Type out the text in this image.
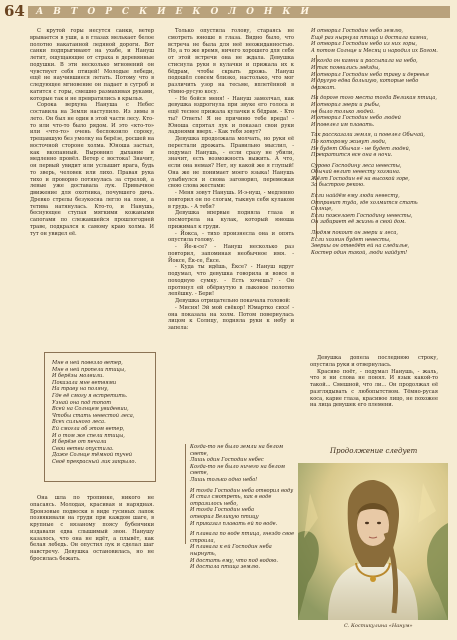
64 А В Т О Р С К И Е К О Л О Н К И

С крутой горы несутся санки, ветер врывается в уши, а в глазах мелькает белое полотно накатанной ледяной дороги. Вот санки подпрыгивают на ухабе, и Нануш летит, ощущающие от страха в деревянные подушки. В эти несколько мгновений он чувствует себя птицей! Молодые лебеди, ещё не научившиеся летать. Потому что в следующее мгновение он падает в сугроб и катится с горы, смешно размахивая руками, которые так и не превратились в крылья.

Сорока верхуна Нануша с Небес составила на Земли наступило. Из зимы в лето. Он был не один в этой части лесу. Кто-то или что-то было рядом. И это «кто-то» или «что-то» очень беспокоило сороку, трещавшую без умолку на берёзе, росшей на восточной стороне холма. Юноша застыл, как вкопанный. Выровнил дыхание и медленно провёл. Ветер с востока! Значит, он первый увидит или услышит врага, будь то зверь, человек или лихо. Правая рука тихо и проворно потянулась за стрелой, а левые уже доставала лук. Привычное движение для охотника, почувшего дичь. Древко стрелы безукосна легло на лоне, а тетива натянулась. Кто-то, и Нанушь, беснующее ступая мягкими кожаными сапогами по слежавшейся прошлогодней траве, подкрался к самому краю холма. И тут он увидел её.

Мне в ней повезло ветер,

Мне в ней пропели птицы,

И берёзы молвили.

Показала мне ветвями

На траву на поляну,

Где её смогу я встретить.

Узнай она под топот

Всей на Солнцем увидевши,

Чтобы стать невестой леса,

Всех сильного леса.

Ей смогла об этом ветер,

И о том же спели птицы,

И берёзе от печали

Свои ветви опустила.

Даже Солнце тёмной тучей

Своё прекрасный лик закрыло.

Она шла по тропинке, никого не опасаясь. Молодая, красивая и нарядная. Бронзовые подвески в виде гусиных лапок позвякивали на груди при каждом шаге, в крупные с вязаному поясу бубенчики издавали едва слышимый звон. Нанушу казалось, что она не идёт, а плывёт, как белая лебедь. Он опустил лук и сделал шаг навстречу. Девушка остановилась, но не бросилась бежать.

Только опустила голову, стараясь не смотреть юноше в глаза. Видно было, что встреча не была для неё неожиданностью. Но, а то же время, ничего хорошего для себя от этой встречи она не ждала. Девушка стиснула руки в кулачки и прижала их к бёдрам, чтобы скрыть дрожь. Нануш подошёл совсем близко, настолько, что мог различить узор на тесьме, вплетённой в тёмно-русую косу.

- Не бойся меня! - Нануш замолчал, как девушка вздрогнула при звуке его голоса и ещё теснее прижала кулачки к бёдрам. - Кто ты? Ответь! Я не причиню тебе вреда! - Юноша спрятал лук и показал свои руки ладонями вверх. - Как тебя зовут?

Девушка продолжала молчать, но руки её перестали дрожать. Правильно мыслил, - подумал Нанушь, - если сразу не убили, значит, есть возможность выжить. А что, если она немая? Нет, ну какой же я глупый! Она же не понимает моего языка! Нанушь улыбнулся и снова заговорил, перемежая свою слова жестами:

- Меня зовут Нанушь. И-э-нуш, - медленно повторил он по слогам, тыкнув себя кулаком в грудь. - А тебя?

Девушка впервые подняла глаза и посмотрела на кулак, который юноша прижимал к груди.

- Йокса, - тихо произнесла она и опять опустила голову.

- Йе-к-се? - Нануш несколько раз повторил, запоминая необычное имя. - Йоксе, Ёк-се, Ёксе.

- Куда ты идёшь, Ёксе? - Нануш вдруг подумал, что девушка говорила и вовсе в походную сумку. - Есть хочешь? - Он протянул ей обёрнутую в лыковое полотно лепёшку. - Бери!

Девушка отрицательно покачала головой:

- Мисня! Эй мой свёкор! Юмартко сихэ! - она показала на холм. Потом повернулась лицом к Солнцу, подняла руки к небу и запела:

Когда-то не было земли на белом свете,

Лишь один Господин небес

Когда-то не было ничего на белом свете,

Лишь только одно небо!

И тогда Господин неба отворил воду

И стал смотреть, как в воде

отразилось небо,

И тогда Господин неба

отворил Великую птицу

И приказал плавать ей по воде.

И плавала по воде птица, гнездо свое строила,

И плавала к ей Господин неба нырнуть,

И достать ему, что под водою.

И достала птица землю.

И отворил Господин небо землю,

Ещё раз нырнула птица и достала камни,

И отворил Господин небо из них горы,

А потом Солнце и Месяц и народил их Богом.

И когда он камни и рассыпала на небо,

И так появились звёзды,

И отворил Господин неба траву и деревья

И другую едва большую, которые небо

держат.

На дороге того места тогда Великая птица,

И отворил звери и рыбы,

не было только людей.

И отворил Господин небо людей

И повелел им плавать.

Так рассказали земля, и повелел Обычай,

По которому живут люди,

Не будет Обычая - не будет людей,

Прекратится все она в ночи.

Сурово Господину леса невесты,

Обычай велит невесту хозяина.

Жёлт Господин её на высокой горе,

За быстрою рекою.

Если найдём ему люди невесту,

Отправит туда, где холмится стать Солнце,

Если пожелает Господину невесты,

Он забирает её жизнь в свой дом.

Людям покоит он звери и леса,

Если хозяин будет невесты,

Звериы он отведёт ей на следилье,

Костер один такой, люди найдут!

Девушка допела последнюю строку, опустила руки и отвернулась.

Красиво поёт, - подумал Нанушь, - жаль, что я ни слова не понял. И язык какой-то такой... Смешной, что ли... Он продолжал её разглядывать с любопытством. Тёмно-русая коса, карие глаза, красивое лицо, не похожее на лица девушек его племени.

Продолжение следует
С. Костикулина «Нанум»
